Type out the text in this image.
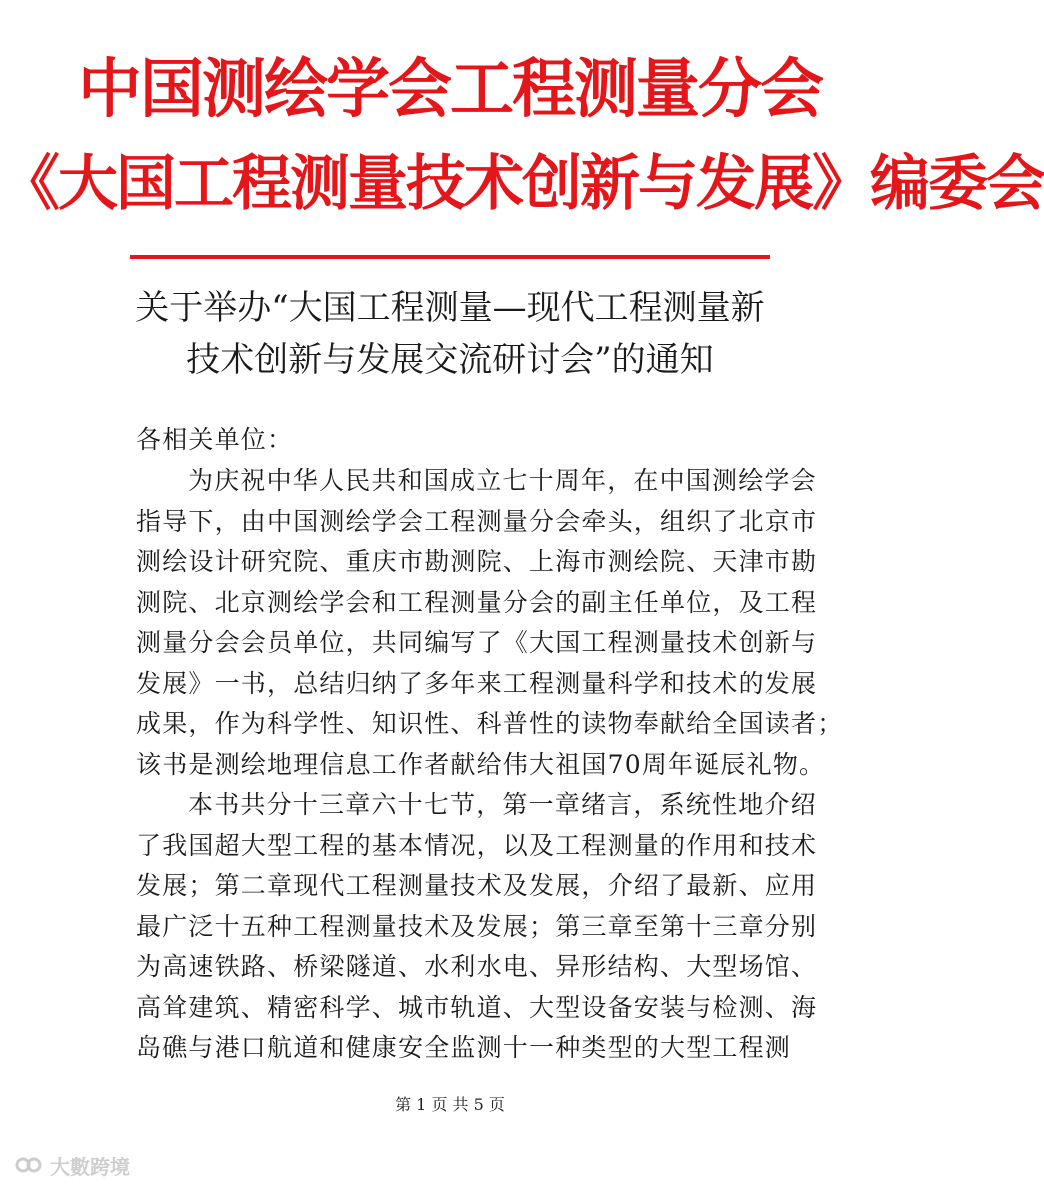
中国测绘学会工程测量分会
《大国工程测量技术创新与发展》编委会
关于举办“大国工程测量—现代工程测量新
技术创新与发展交流研讨会”的通知
各相关单位：
为庆祝中华人民共和国成立七十周年，在中国测绘学会
指导下，由中国测绘学会工程测量分会牵头，组织了北京市
测绘设计研究院、重庆市勘测院、上海市测绘院、天津市勘
测院、北京测绘学会和工程测量分会的副主任单位，及工程
测量分会会员单位，共同编写了《大国工程测量技术创新与
发展》一书，总结归纳了多年来工程测量科学和技术的发展
成果，作为科学性、知识性、科普性的读物奉献给全国读者；
该书是测绘地理信息工作者献给伟大祖国70周年诞辰礼物。
本书共分十三章六十七节，第一章绪言，系统性地介绍
了我国超大型工程的基本情况，以及工程测量的作用和技术
发展；第二章现代工程测量技术及发展，介绍了最新、应用
最广泛十五种工程测量技术及发展；第三章至第十三章分别
为高速铁路、桥梁隧道、水利水电、异形结构、大型场馆、
高耸建筑、精密科学、城市轨道、大型设备安装与检测、海
岛礁与港口航道和健康安全监测十一种类型的大型工程测
第 1 页 共 5 页
大數跨境
